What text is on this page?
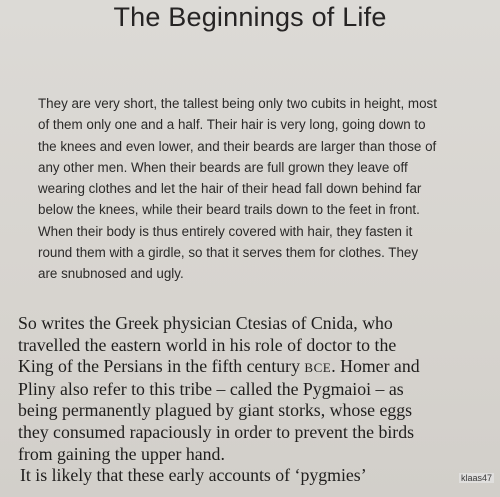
The Beginnings of Life
They are very short, the tallest being only two cubits in height, most
of them only one and a half. Their hair is very long, going down to
the knees and even lower, and their beards are larger than those of
any other men. When their beards are full grown they leave off
wearing clothes and let the hair of their head fall down behind far
below the knees, while their beard trails down to the feet in front.
When their body is thus entirely covered with hair, they fasten it
round them with a girdle, so that it serves them for clothes. They
are snubnosed and ugly.
So writes the Greek physician Ctesias of Cnida, who
travelled the eastern world in his role of doctor to the
King of the Persians in the fifth century BCE. Homer and
Pliny also refer to this tribe – called the Pygmaioi – as
being permanently plagued by giant storks, whose eggs
they consumed rapaciously in order to prevent the birds
from gaining the upper hand.
It is likely that these early accounts of ‘pygmies’	klaas47
